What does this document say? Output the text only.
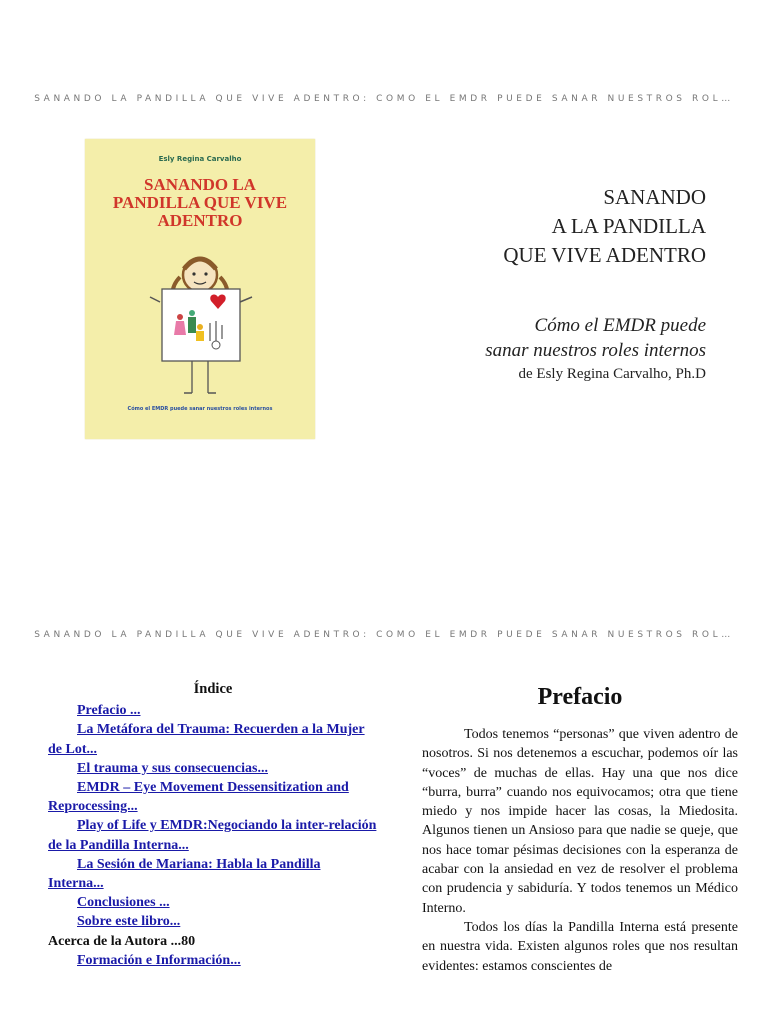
SANANDO LA PANDILLA QUE VIVE ADENTRO: COMO EL EMDR PUEDE SANAR NUESTROS ROL…
Esly Regina Carvalho
SANANDO LA
PANDILLA QUE VIVE
ADENTRO
Cómo el EMDR puede sanar nuestros roles internos
SANANDO
A LA PANDILLA
QUE VIVE ADENTRO
Cómo el EMDR puede
sanar nuestros roles internos
de Esly Regina Carvalho, Ph.D
SANANDO LA PANDILLA QUE VIVE ADENTRO: COMO EL EMDR PUEDE SANAR NUESTROS ROL…
Índice
Prefacio ...
La Metáfora del Trauma: Recuerden a la Mujer de Lot...
El trauma y sus consecuencias...
EMDR – Eye Movement Dessensitization and Reprocessing...
Play of Life y EMDR:Negociando la inter-relación de la Pandilla Interna...
La Sesión de Mariana: Habla la Pandilla Interna...
Conclusiones ...
Sobre este libro...
Acerca de la Autora ...80
Formación e Información...
Prefacio

Todos tenemos “personas” que viven adentro de nosotros. Si nos detenemos a escuchar, podemos oír las “voces” de muchas de ellas. Hay una que nos dice “burra, burra” cuando nos equivocamos; otra que tiene miedo y nos impide hacer las cosas, la Miedosita. Algunos tienen un Ansioso para que nadie se queje, que nos hace tomar pésimas decisiones con la esperanza de acabar con la ansiedad en vez de resolver el problema con prudencia y sabiduría. Y todos tenemos un Médico Interno.

Todos los días la Pandilla Interna está presente en nuestra vida. Existen algunos roles que nos resultan evidentes: estamos conscientes de
